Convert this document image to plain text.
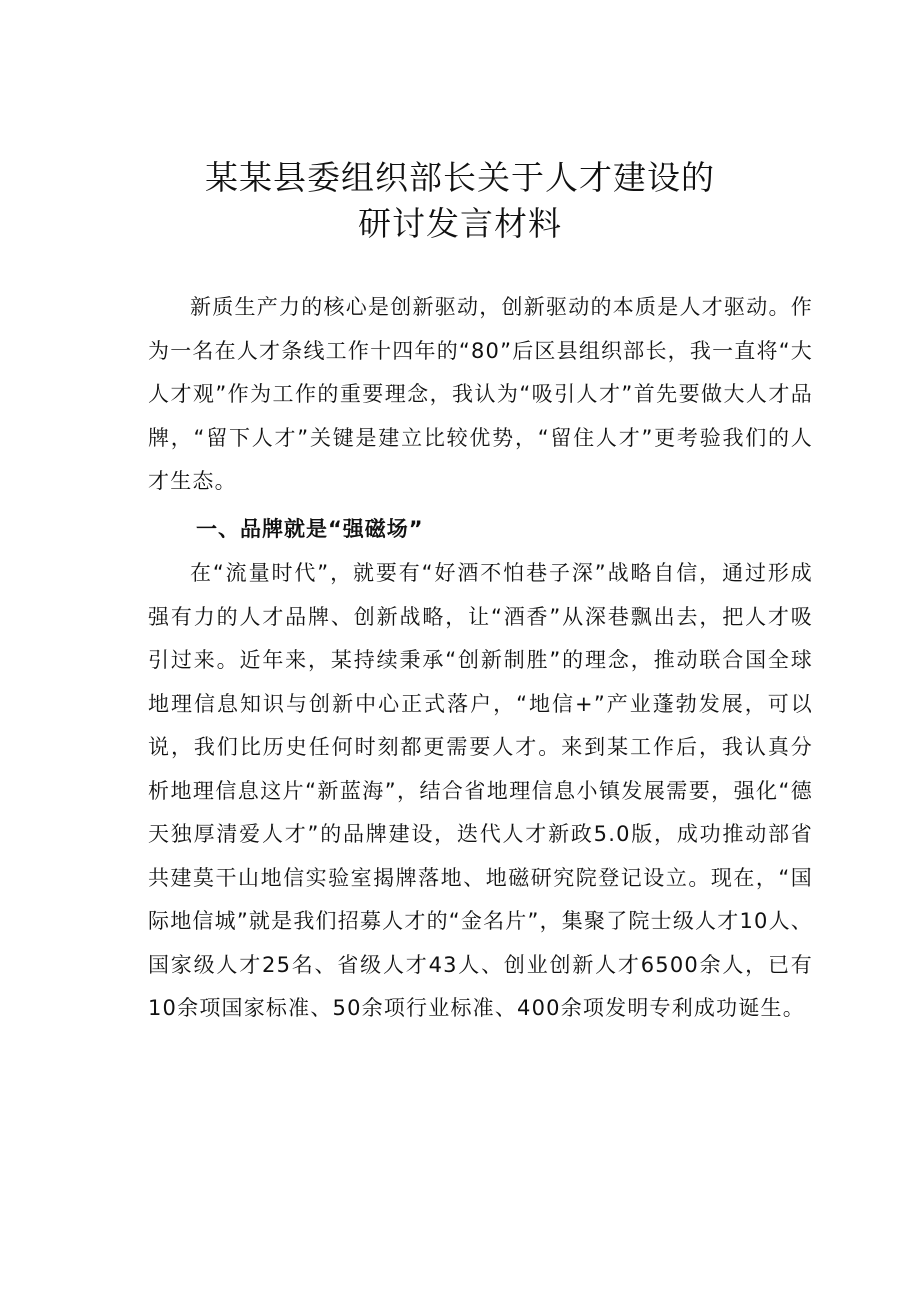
某某县委组织部长关于人才建设的
研讨发言材料
新质生产力的核心是创新驱动，创新驱动的本质是人才驱动。作为一名在人才条线工作十四年的“80”后区县组织部长，我一直将“大人才观”作为工作的重要理念，我认为“吸引人才”首先要做大人才品牌，“留下人才”关键是建立比较优势，“留住人才”更考验我们的人才生态。
一、品牌就是“强磁场”
在“流量时代”，就要有“好酒不怕巷子深”战略自信，通过形成强有力的人才品牌、创新战略，让“酒香”从深巷飘出去，把人才吸引过来。近年来，某持续秉承“创新制胜”的理念，推动联合国全球地理信息知识与创新中心正式落户，“地信+”产业蓬勃发展，可以说，我们比历史任何时刻都更需要人才。来到某工作后，我认真分析地理信息这片“新蓝海”，结合省地理信息小镇发展需要，强化“德天独厚清爱人才”的品牌建设，迭代人才新政5.0版，成功推动部省共建莫干山地信实验室揭牌落地、地磁研究院登记设立。现在，“国际地信城”就是我们招募人才的“金名片”，集聚了院士级人才10人、国家级人才25名、省级人才43人、创业创新人才6500余人，已有10余项国家标准、50余项行业标准、400余项发明专利成功诞生。
